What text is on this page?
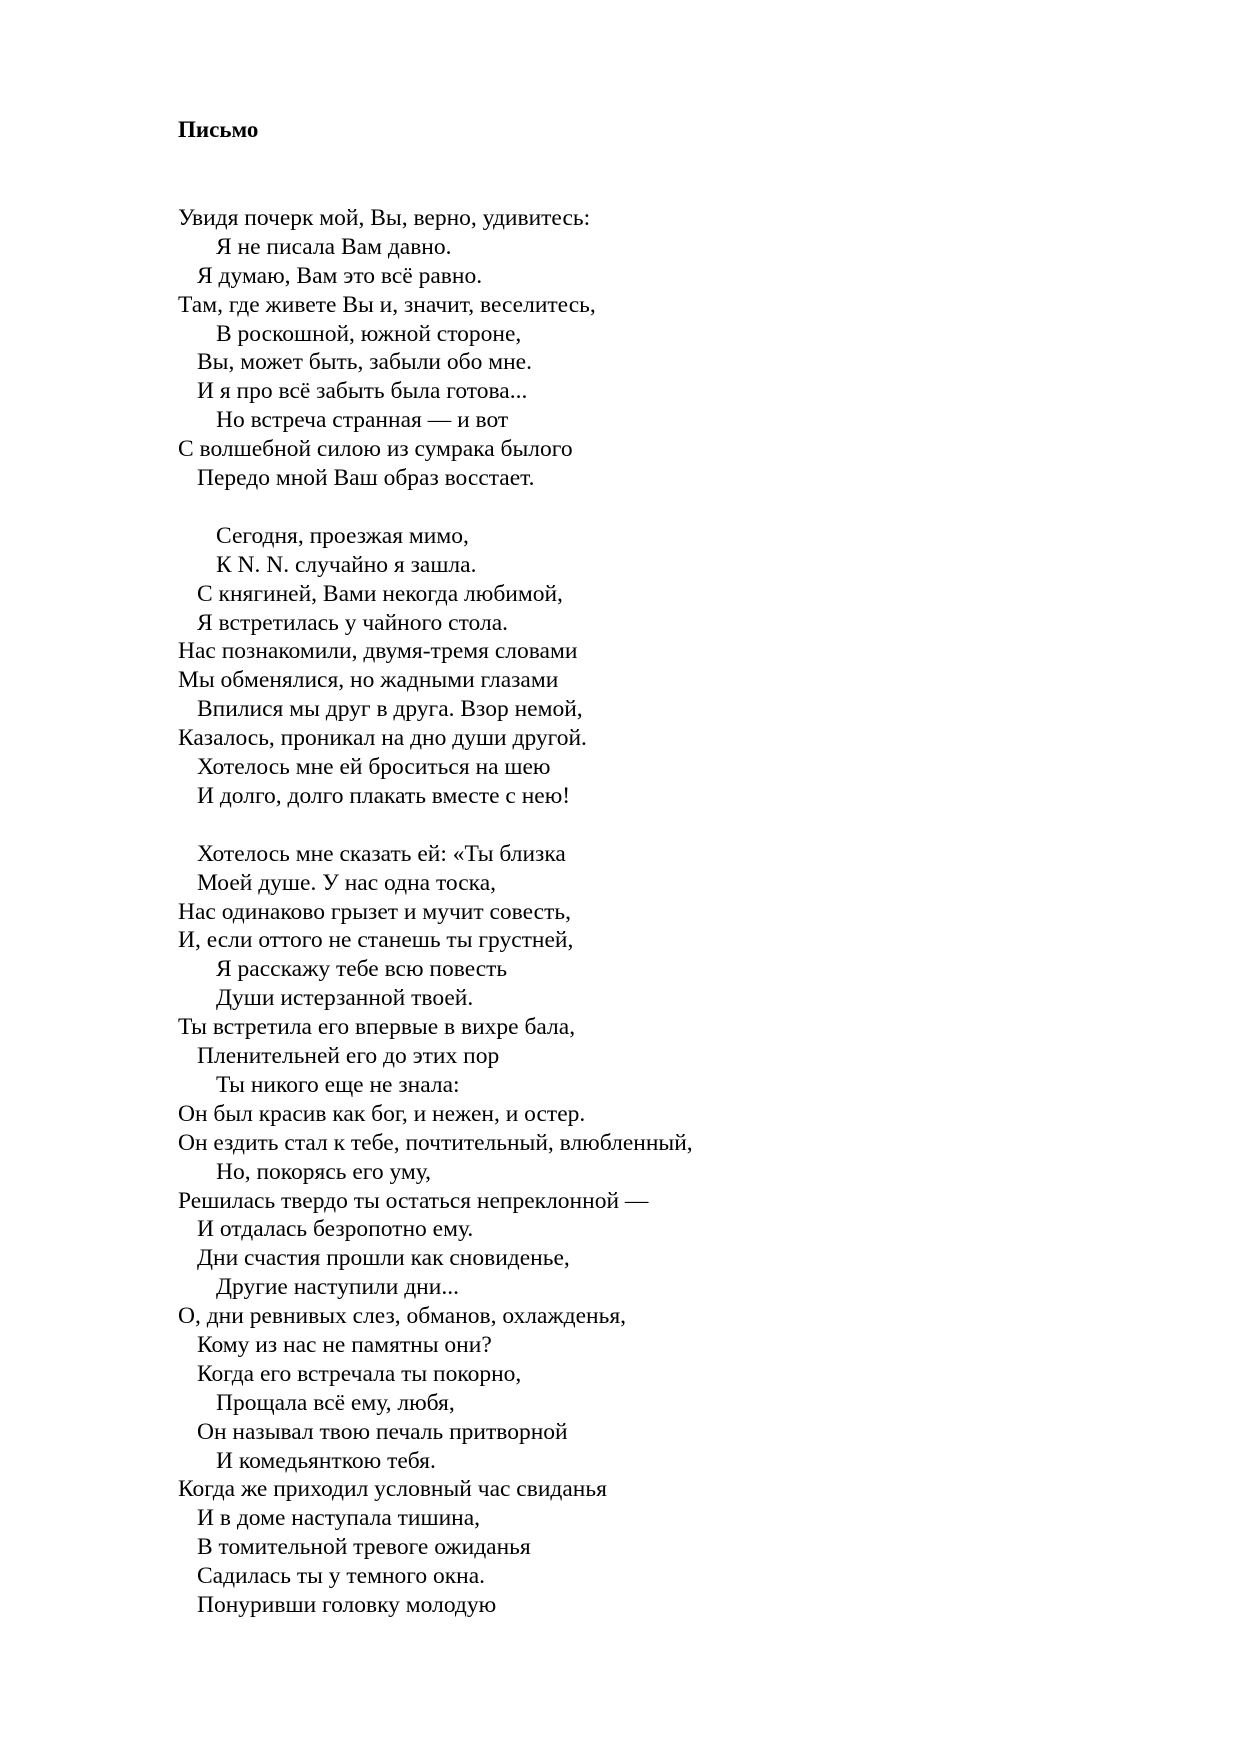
Письмо
Увидя почерк мой, Вы, верно, удивитесь:
Я не писала Вам давно.
Я думаю, Вам это всё равно.
Там, где живете Вы и, значит, веселитесь,
В роскошной, южной стороне,
Вы, может быть, забыли обо мне.
И я про всё забыть была готова...
Но встреча странная — и вот
С волшебной силою из сумрака былого
Передо мной Ваш образ восстает.
Сегодня, проезжая мимо,
К N. N. случайно я зашла.
С княгиней, Вами некогда любимой,
Я встретилась у чайного стола.
Нас познакомили, двумя-тремя словами
Мы обменялися, но жадными глазами
Впилися мы друг в друга. Взор немой,
Казалось, проникал на дно души другой.
Хотелось мне ей броситься на шею
И долго, долго плакать вместе с нею!
Хотелось мне сказать ей: «Ты близка
Моей душе. У нас одна тоска,
Нас одинаково грызет и мучит совесть,
И, если оттого не станешь ты грустней,
Я расскажу тебе всю повесть
Души истерзанной твоей.
Ты встретила его впервые в вихре бала,
Пленительней его до этих пор
Ты никого еще не знала:
Он был красив как бог, и нежен, и остер.
Он ездить стал к тебе, почтительный, влюбленный,
Но, покорясь его уму,
Решилась твердо ты остаться непреклонной —
И отдалась безропотно ему.
Дни счастия прошли как сновиденье,
Другие наступили дни...
О, дни ревнивых слез, обманов, охлажденья,
Кому из нас не памятны они?
Когда его встречала ты покорно,
Прощала всё ему, любя,
Он называл твою печаль притворной
И комедьянткою тебя.
Когда же приходил условный час свиданья
И в доме наступала тишина,
В томительной тревоге ожиданья
Садилась ты у темного окна.
Понуривши головку молодую
